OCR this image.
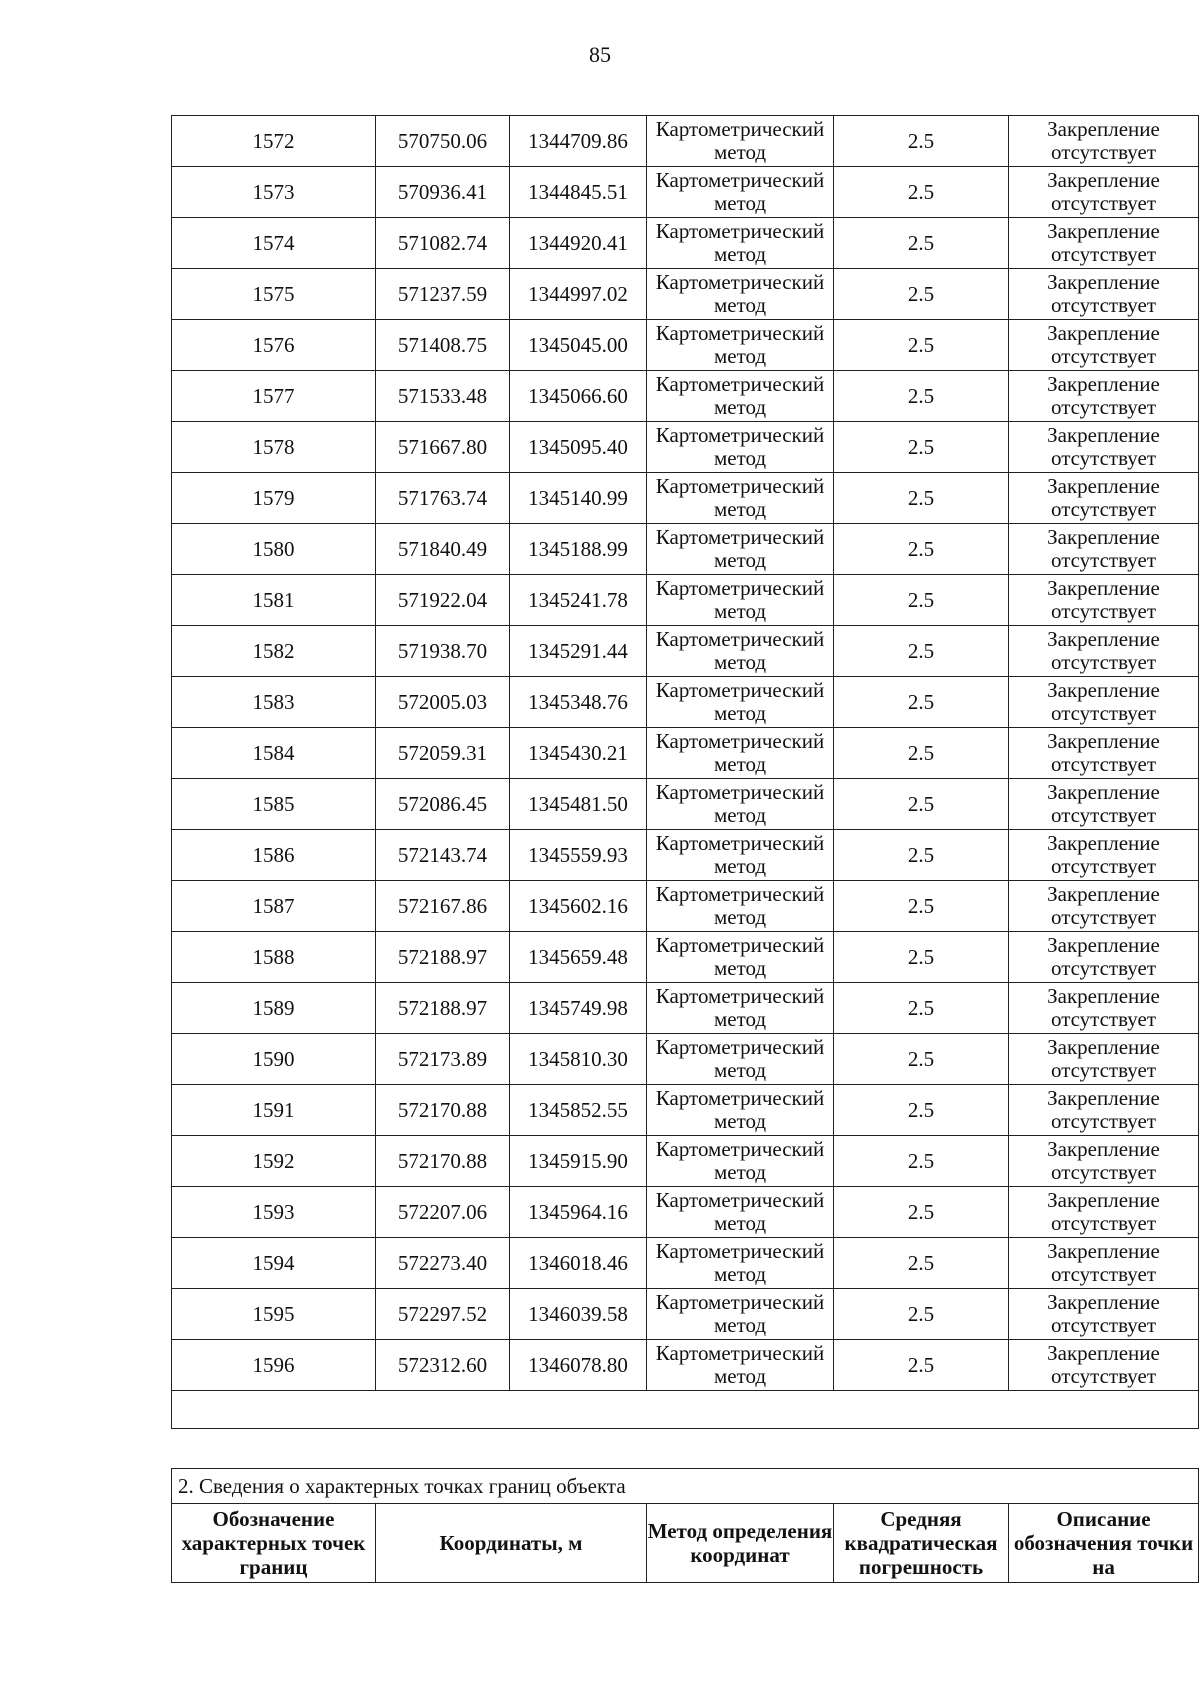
85
1572	570750.06	1344709.86	Картометрический метод	2.5	Закрепление отсутствует
1573	570936.41	1344845.51	Картометрический метод	2.5	Закрепление отсутствует
1574	571082.74	1344920.41	Картометрический метод	2.5	Закрепление отсутствует
1575	571237.59	1344997.02	Картометрический метод	2.5	Закрепление отсутствует
1576	571408.75	1345045.00	Картометрический метод	2.5	Закрепление отсутствует
1577	571533.48	1345066.60	Картометрический метод	2.5	Закрепление отсутствует
1578	571667.80	1345095.40	Картометрический метод	2.5	Закрепление отсутствует
1579	571763.74	1345140.99	Картометрический метод	2.5	Закрепление отсутствует
1580	571840.49	1345188.99	Картометрический метод	2.5	Закрепление отсутствует
1581	571922.04	1345241.78	Картометрический метод	2.5	Закрепление отсутствует
1582	571938.70	1345291.44	Картометрический метод	2.5	Закрепление отсутствует
1583	572005.03	1345348.76	Картометрический метод	2.5	Закрепление отсутствует
1584	572059.31	1345430.21	Картометрический метод	2.5	Закрепление отсутствует
1585	572086.45	1345481.50	Картометрический метод	2.5	Закрепление отсутствует
1586	572143.74	1345559.93	Картометрический метод	2.5	Закрепление отсутствует
1587	572167.86	1345602.16	Картометрический метод	2.5	Закрепление отсутствует
1588	572188.97	1345659.48	Картометрический метод	2.5	Закрепление отсутствует
1589	572188.97	1345749.98	Картометрический метод	2.5	Закрепление отсутствует
1590	572173.89	1345810.30	Картометрический метод	2.5	Закрепление отсутствует
1591	572170.88	1345852.55	Картометрический метод	2.5	Закрепление отсутствует
1592	572170.88	1345915.90	Картометрический метод	2.5	Закрепление отсутствует
1593	572207.06	1345964.16	Картометрический метод	2.5	Закрепление отсутствует
1594	572273.40	1346018.46	Картометрический метод	2.5	Закрепление отсутствует
1595	572297.52	1346039.58	Картометрический метод	2.5	Закрепление отсутствует
1596	572312.60	1346078.80	Картометрический метод	2.5	Закрепление отсутствует

2. Сведения о характерных точках границ объекта
Обозначение характерных точек границ	Координаты, м	Метод определения координат	Средняя квадратическая погрешность	Описание обозначения точки на
